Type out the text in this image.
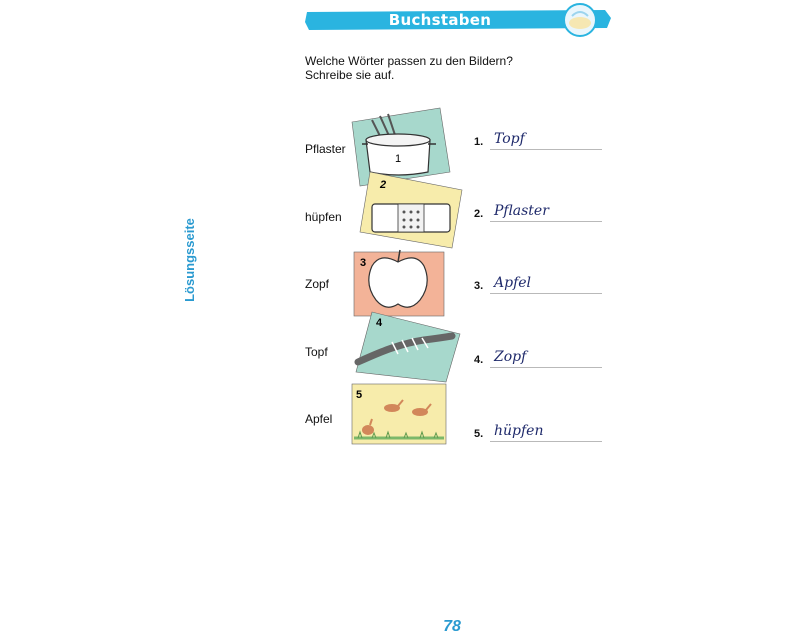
Buchstaben
Welche Wörter passen zu den Bildern?
Schreibe sie auf.
Lösungsseite
Pflaster
hüpfen
Zopf
Topf
Apfel
1
2
3
4
5
1. Topf
2. Pflaster
3. Apfel
4. Zopf
5. hüpfen
78
